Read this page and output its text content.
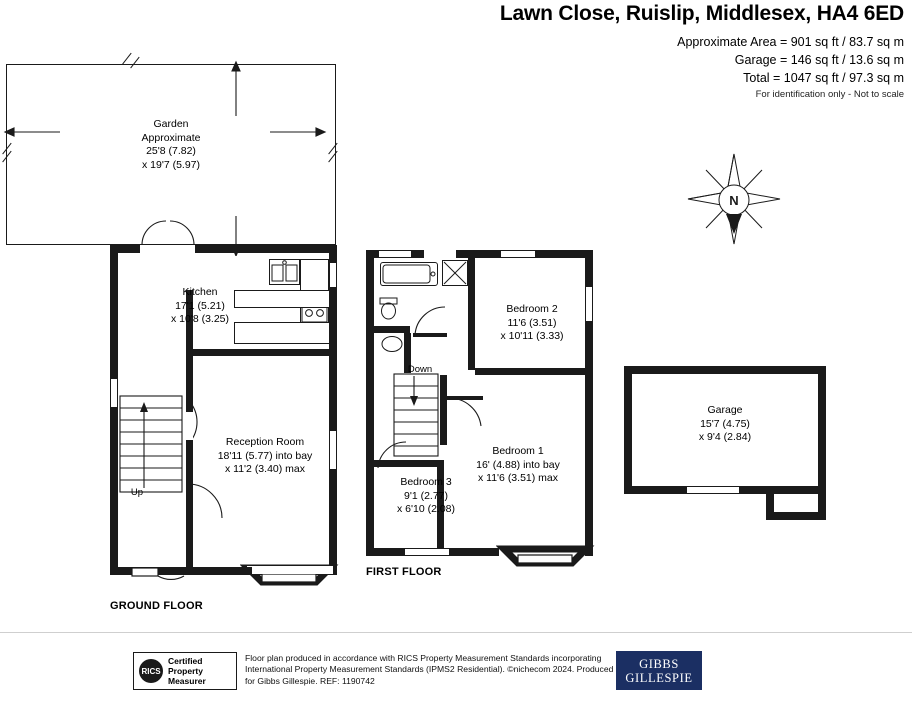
Lawn Close, Ruislip, Middlesex, HA4 6ED
Approximate Area = 901 sq ft / 83.7 sq m
Garage = 146 sq ft / 13.6 sq m
Total = 1047 sq ft / 97.3 sq m
For identification only - Not to scale
N
Garden
Approximate
25'8 (7.82)
x 19'7 (5.97)
Kitchen
17'1 (5.21)
x 10'8 (3.25)
Reception Room
18'11 (5.77) into bay
x 11'2 (3.40) max
Up
GROUND FLOOR
Down
Bedroom 2
11'6 (3.51)
x 10'11 (3.33)
Bedroom 1
16' (4.88) into bay
x 11'6 (3.51) max
Bedroom 3
9'1 (2.77)
x 6'10 (2.08)
FIRST FLOOR
Garage
15'7 (4.75)
x 9'4 (2.84)
RICS
Certified
Property
Measurer
Floor plan produced in accordance with RICS Property Measurement Standards incorporating International Property Measurement Standards (IPMS2 Residential). ©nichecom 2024. Produced for Gibbs Gillespie. REF: 1190742
GIBBS
GILLESPIE
